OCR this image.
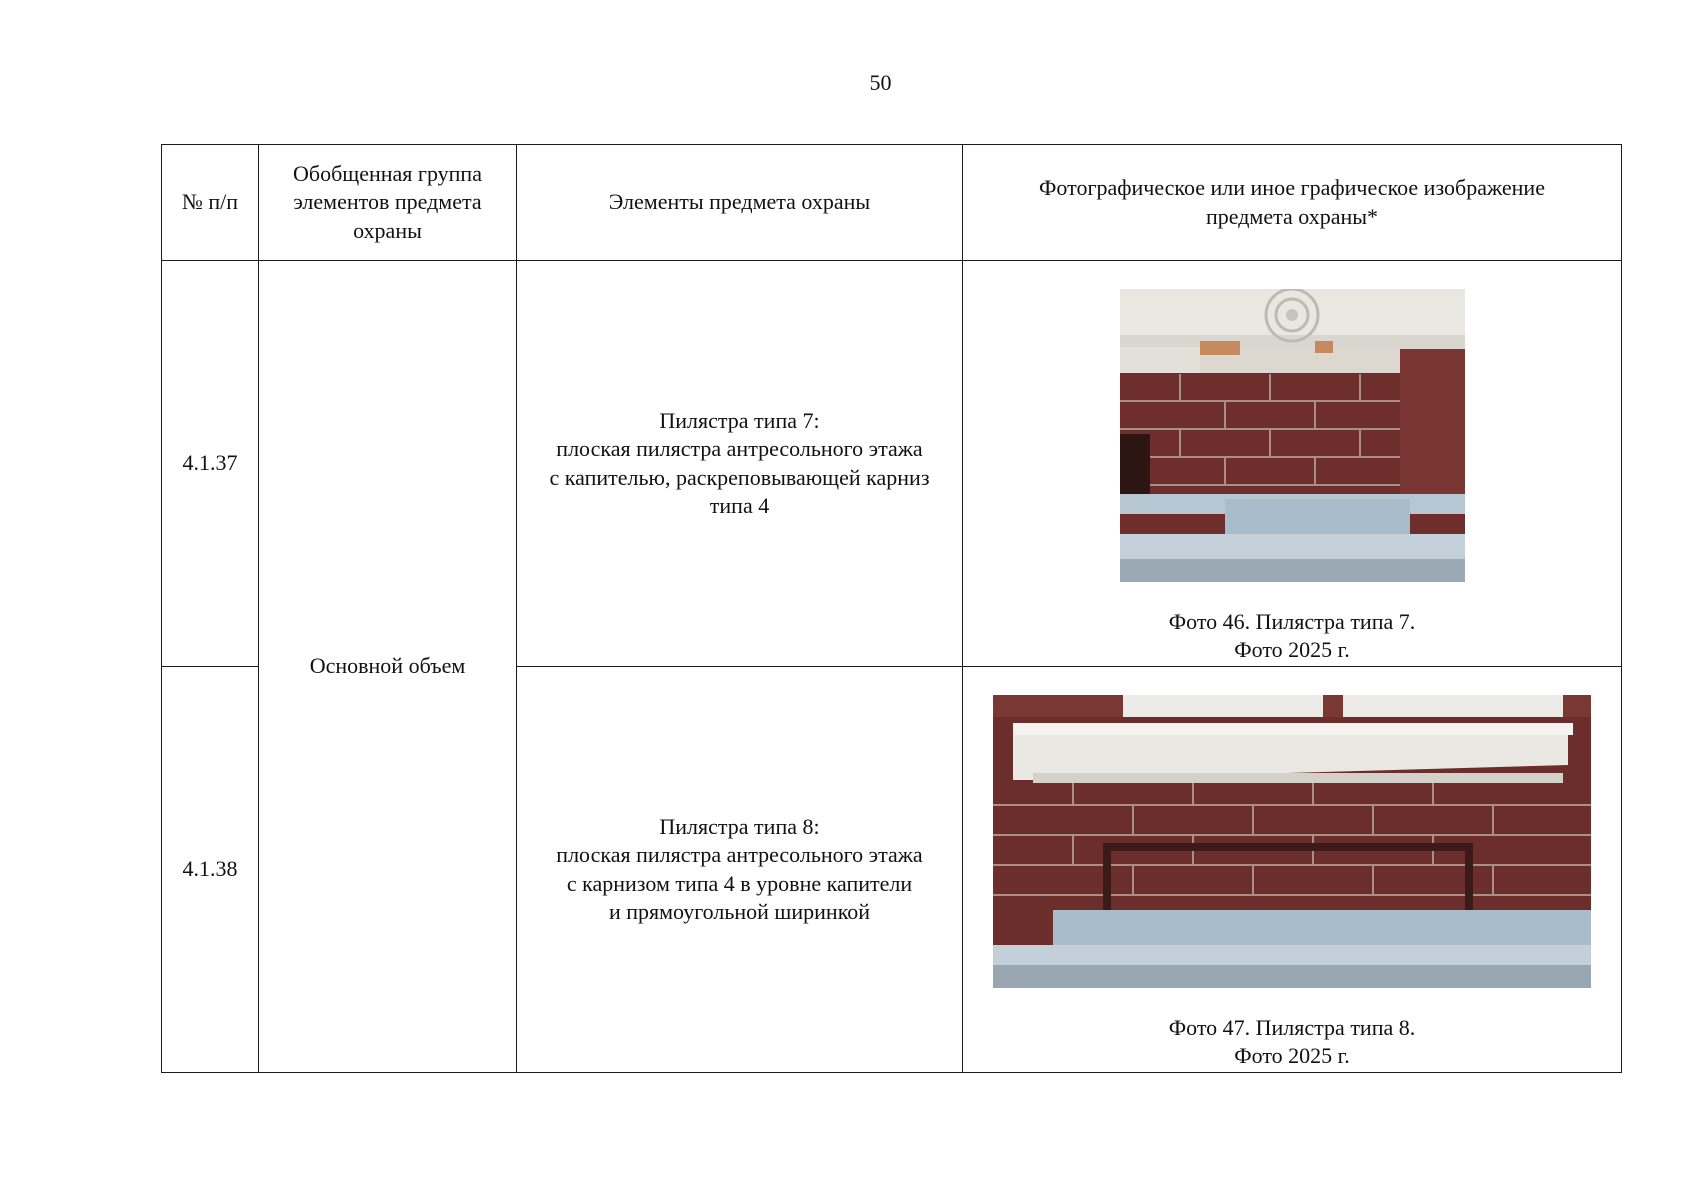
50
№ п/п	Обобщенная группа
элементов предмета
охраны	Элементы предмета охраны	Фотографическое или иное графическое изображение
предмета охраны*

4.1.37	Основной объем	Пилястра типа 7:
плоская пилястра антресольного этажа
с капителью, раскреповывающей карниз
типа 4	Фото 46. Пилястра типа 7.
Фото 2025 г.

4.1.38		Пилястра типа 8:
плоская пилястра антресольного этажа
с карнизом типа 4 в уровне капители
и прямоугольной ширинкой	Фото 47. Пилястра типа 8.
Фото 2025 г.
